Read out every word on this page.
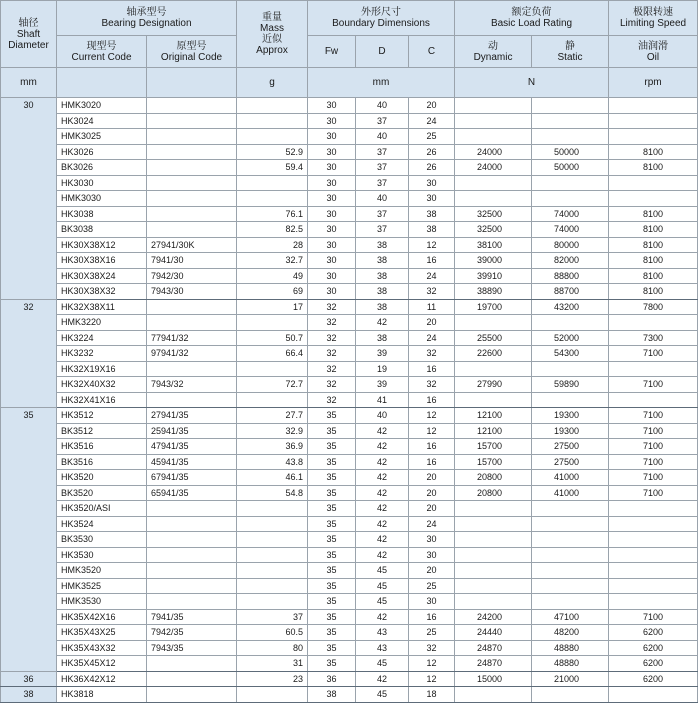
轴径
Shaft
Diameter	轴承型号
Bearing Designation		重量
Mass
近似
Approx	外形尺寸
Boundary Dimensions			额定负荷
Basic Load Rating		极限转速
Limiting Speed

	现型号
Current Code	原型号
Original Code		Fw	D	C	动
Dynamic	静
Static	油润滑
Oil

mm			g	mm			N		rpm
30	HMK3020			30	40	20			
	HK3024			30	37	24			
	HMK3025			30	40	25			
	HK3026		52.9	30	37	26	24000	50000	8100
	BK3026		59.4	30	37	26	24000	50000	8100
	HK3030			30	37	30			
	HMK3030			30	40	30			
	HK3038		76.1	30	37	38	32500	74000	8100
	BK3038		82.5	30	37	38	32500	74000	8100
	HK30X38X12	27941/30K	28	30	38	12	38100	80000	8100
	HK30X38X16	7941/30	32.7	30	38	16	39000	82000	8100
	HK30X38X24	7942/30	49	30	38	24	39910	88800	8100
	HK30X38X32	7943/30	69	30	38	32	38890	88700	8100
32	HK32X38X11		17	32	38	11	19700	43200	7800
	HMK3220			32	42	20			
	HK3224	77941/32	50.7	32	38	24	25500	52000	7300
	HK3232	97941/32	66.4	32	39	32	22600	54300	7100
	HK32X19X16			32	19	16			
	HK32X40X32	7943/32	72.7	32	39	32	27990	59890	7100
	HK32X41X16			32	41	16			
35	HK3512	27941/35	27.7	35	40	12	12100	19300	7100
	BK3512	25941/35	32.9	35	42	12	12100	19300	7100
	HK3516	47941/35	36.9	35	42	16	15700	27500	7100
	BK3516	45941/35	43.8	35	42	16	15700	27500	7100
	HK3520	67941/35	46.1	35	42	20	20800	41000	7100
	BK3520	65941/35	54.8	35	42	20	20800	41000	7100
	HK3520/ASI			35	42	20			
	HK3524			35	42	24			
	BK3530			35	42	30			
	HK3530			35	42	30			
	HMK3520			35	45	20			
	HMK3525			35	45	25			
	HMK3530			35	45	30			
	HK35X42X16	7941/35	37	35	42	16	24200	47100	7100
	HK35X43X25	7942/35	60.5	35	43	25	24440	48200	6200
	HK35X43X32	7943/35	80	35	43	32	24870	48880	6200
	HK35X45X12		31	35	45	12	24870	48880	6200
36	HK36X42X12		23	36	42	12	15000	21000	6200
38	HK3818			38	45	18			
